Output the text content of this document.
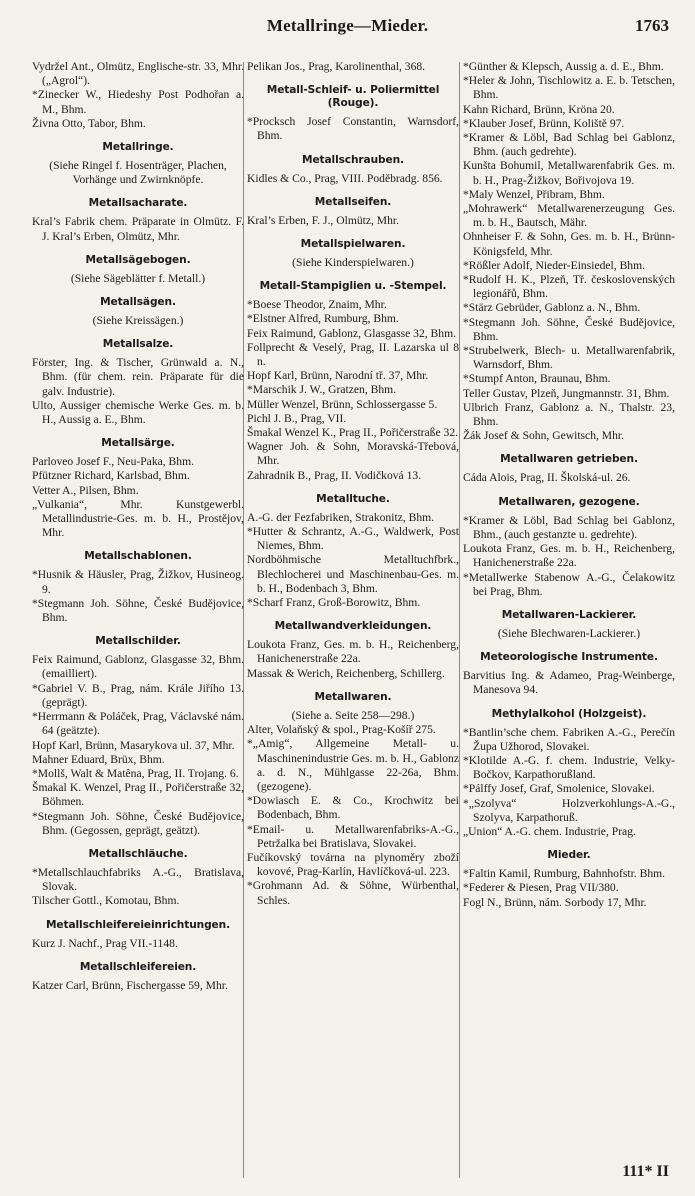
Metallringe—Mieder.	1763

Vydržel Ant., Olmütz, Englische-str. 33, Mhr. („Agrol“).

*Zinecker W., Hiedeshy Post Podhořan a. M., Bhm.

Živna Otto, Tabor, Bhm.

Metallringe.

(Siehe Ringel f. Hosenträger, Plachen, Vorhänge und Zwirnknöpfe.

Metallsacharate.

Kral’s Fabrik chem. Präparate in Olmütz. F. J. Kral’s Erben, Olmütz, Mhr.

Metallsägebogen.

(Siehe Sägeblätter f. Metall.)

Metallsägen.

(Siehe Kreissägen.)

Metallsalze.

Förster, Ing. & Tischer, Grünwald a. N., Bhm. (für chem. rein. Präparate für die galv. Industrie).

Ulto, Aussiger chemische Werke Ges. m. b. H., Aussig a. E., Bhm.

Metallsärge.

Parloveo Josef F., Neu-Paka, Bhm.

Pfützner Richard, Karlsbad, Bhm.

Vetter A., Pilsen, Bhm.

„Vulkania“, Mhr. Kunstgewerbl. Metallindustrie-Ges. m. b. H., Prostějov, Mhr.

Metallschablonen.

*Husnik & Häusler, Prag, Žižkov, Husineog. 9.

*Stegmann Joh. Söhne, České Budějovice, Bhm.

Metallschilder.

Feix Raimund, Gablonz, Glasgasse 32, Bhm. (emailliert).

*Gabriel V. B., Prag, nám. Krále Jiřího 13. (geprägt).

*Herrmann & Poláček, Prag, Václavské nám. 64 (geätzte).

Hopf Karl, Brünn, Masarykova ul. 37, Mhr.

Mahner Eduard, Brüx, Bhm.

*Mollš, Walt & Matêna, Prag, II. Trojang. 6.

Šmakal K. Wenzel, Prag II., Pořičerstraße 32, Böhmen.

*Stegmann Joh. Söhne, České Budějovice, Bhm. (Gegossen, geprägt, geätzt).

Metallschläuche.

*Metallschlauchfabriks A.-G., Bratislava, Slovak.

Tilscher Gottl., Komotau, Bhm.

Metallschleifereieinrichtungen.

Kurz J. Nachf., Prag VII.-1148.

Metallschleifereien.

Katzer Carl, Brünn, Fischergasse 59, Mhr.

Pelikan Jos., Prag, Karolinenthal, 368.

Metall-Schleif- u. Poliermittel (Rouge).

*Procksch Josef Constantin, Warnsdorf, Bhm.

Metallschrauben.

Kidles & Co., Prag, VIII. Poděbradg. 856.

Metallseifen.

Kral’s Erben, F. J., Olmütz, Mhr.

Metallspielwaren.

(Siehe Kinderspielwaren.)

Metall-Stampiglien u. -Stempel.

*Boese Theodor, Znaim, Mhr.

*Elstner Alfred, Rumburg, Bhm.

Feix Raimund, Gablonz, Glasgasse 32, Bhm.

Follprecht & Veselý, Prag, II. Lazarska ul 8 n.

Hopf Karl, Brünn, Narodní tř. 37, Mhr.

*Marschik J. W., Gratzen, Bhm.

Müller Wenzel, Brünn, Schlossergasse 5.

Pichl J. B., Prag, VII.

Šmakal Wenzel K., Prag II., Pořičerstraße 32.

Wagner Joh. & Sohn, Moravská-Třebová, Mhr.

Zahradnik B., Prag, II. Vodičková 13.

Metalltuche.

A.-G. der Fezfabriken, Strakonitz, Bhm.

*Hutter & Schrantz, A.-G., Waldwerk, Post Niemes, Bhm.

Nordböhmische Metalltuchfbrk., Blechlocherei und Maschinenbau-Ges. m. b. H., Bodenbach 3, Bhm.

*Scharf Franz, Groß-Borowitz, Bhm.

Metallwandverkleidungen.

Loukota Franz, Ges. m. b. H., Reichenberg, Hanichenerstraße 22a.

Massak & Werich, Reichenberg, Schillerg.

Metallwaren.

(Siehe a. Seite 258—298.)

Alter, Volaňský & spol., Prag-Košíř 275.

*„Amig“, Allgemeine Metall- u. Maschinenindustrie Ges. m. b. H., Gablonz a. d. N., Mühlgasse 22-26a, Bhm. (gezogene).

*Dowiasch E. & Co., Krochwitz bei Bodenbach, Bhm.

*Email- u. Metallwarenfabriks-A.-G., Petržalka bei Bratislava, Slovakei.

Fučíkovský továrna na plynoměry zboží kovové, Prag-Karlín, Havlíčková-ul. 223.

*Grohmann Ad. & Söhne, Würbenthal, Schles.

*Günther & Klepsch, Aussig a. d. E., Bhm.

*Heler & John, Tischlowitz a. E. b. Tetschen, Bhm.

Kahn Richard, Brünn, Kröna 20.

*Klauber Josef, Brünn, Koliště 97.

*Kramer & Löbl, Bad Schlag bei Gablonz, Bhm. (auch gedrehte).

Kunšta Bohumil, Metallwarenfabrik Ges. m. b. H., Prag-Žižkov, Bořivojova 19.

*Maly Wenzel, Přibram, Bhm.

„Mohrawerk“ Metallwarenerzeugung Ges. m. b. H., Bautsch, Mähr.

Ohnheiser F. & Sohn, Ges. m. b. H., Brünn-Königsfeld, Mhr.

*Rößler Adolf, Nieder-Einsiedel, Bhm.

*Rudolf H. K., Plzeň, Tř. československých legionářů, Bhm.

*Stärz Gebrüder, Gablonz a. N., Bhm.

*Stegmann Joh. Söhne, České Budějovice, Bhm.

*Strubelwerk, Blech- u. Metallwarenfabrik, Warnsdorf, Bhm.

*Stumpf Anton, Braunau, Bhm.

Teller Gustav, Plzeň, Jungmannstr. 31, Bhm.

Ulbrich Franz, Gablonz a. N., Thalstr. 23, Bhm.

Žák Josef & Sohn, Gewitsch, Mhr.

Metallwaren getrieben.

Cáda Alois, Prag, II. Školská-ul. 26.

Metallwaren, gezogene.

*Kramer & Löbl, Bad Schlag bei Gablonz, Bhm., (auch gestanzte u. gedrehte).

Loukota Franz, Ges. m. b. H., Reichenberg, Hanichenerstraße 22a.

*Metallwerke Stabenow A.-G., Čelakowitz bei Prag, Bhm.

Metallwaren-Lackierer.

(Siehe Blechwaren-Lackierer.)

Meteorologische Instrumente.

Barvitius Ing. & Adameo, Prag-Weinberge, Manesova 94.

Methylalkohol (Holzgeist).

*Bantlin’sche chem. Fabriken A.-G., Perečín Župa Užhorod, Slovakei.

*Klotilde A.-G. f. chem. Industrie, Velky-Bočkov, Karpathorußland.

*Pálffy Josef, Graf, Smolenice, Slovakei.

*„Szolyva“ Holzverkohlungs-A.-G., Szolyva, Karpathoruß.

„Union“ A.-G. chem. Industrie, Prag.

Mieder.

*Faltin Kamil, Rumburg, Bahnhofstr. Bhm.

*Federer & Piesen, Prag VII/380.

Fogl N., Brünn, nám. Sorbody 17, Mhr.

111* II
